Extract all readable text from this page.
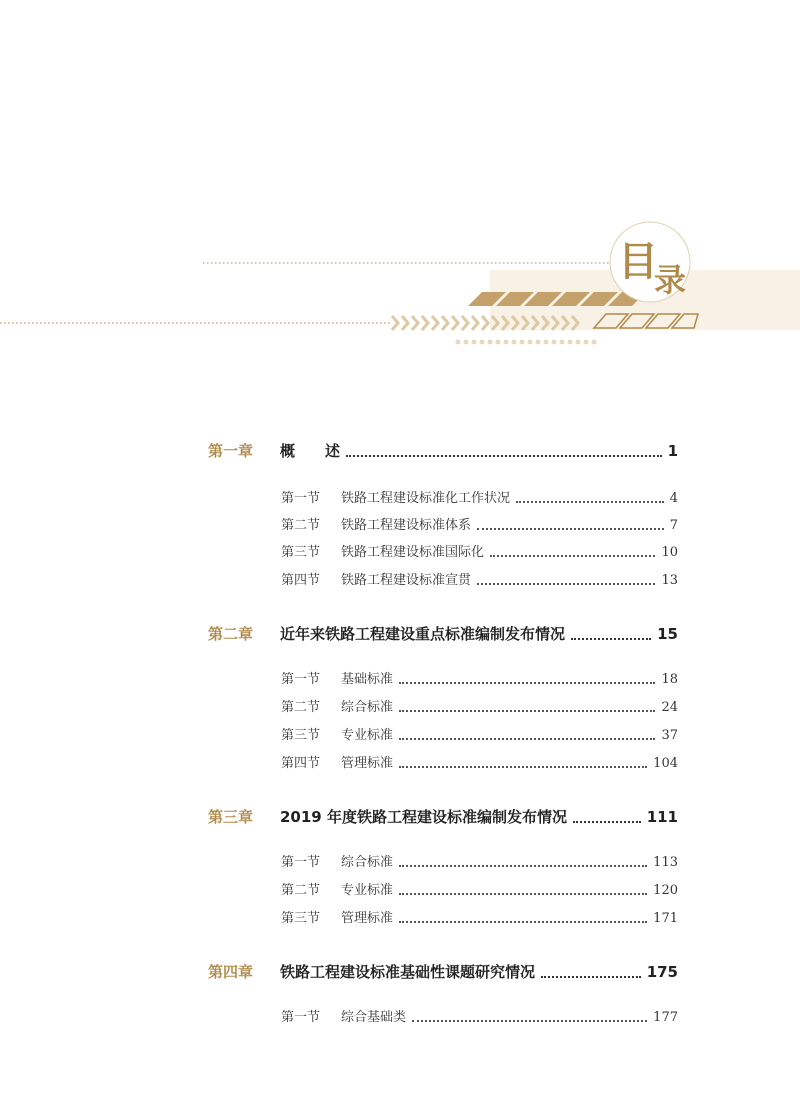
目
录
第一章	概　　述	1
第一节	铁路工程建设标准化工作状况	4
第二节	铁路工程建设标准体系	7
第三节	铁路工程建设标准国际化	10
第四节	铁路工程建设标准宣贯	13
第二章	近年来铁路工程建设重点标准编制发布情况	15
第一节	基础标准	18
第二节	综合标准	24
第三节	专业标准	37
第四节	管理标准	104
第三章	2019 年度铁路工程建设标准编制发布情况	111
第一节	综合标准	113
第二节	专业标准	120
第三节	管理标准	171
第四章	铁路工程建设标准基础性课题研究情况	175
第一节	综合基础类	177
